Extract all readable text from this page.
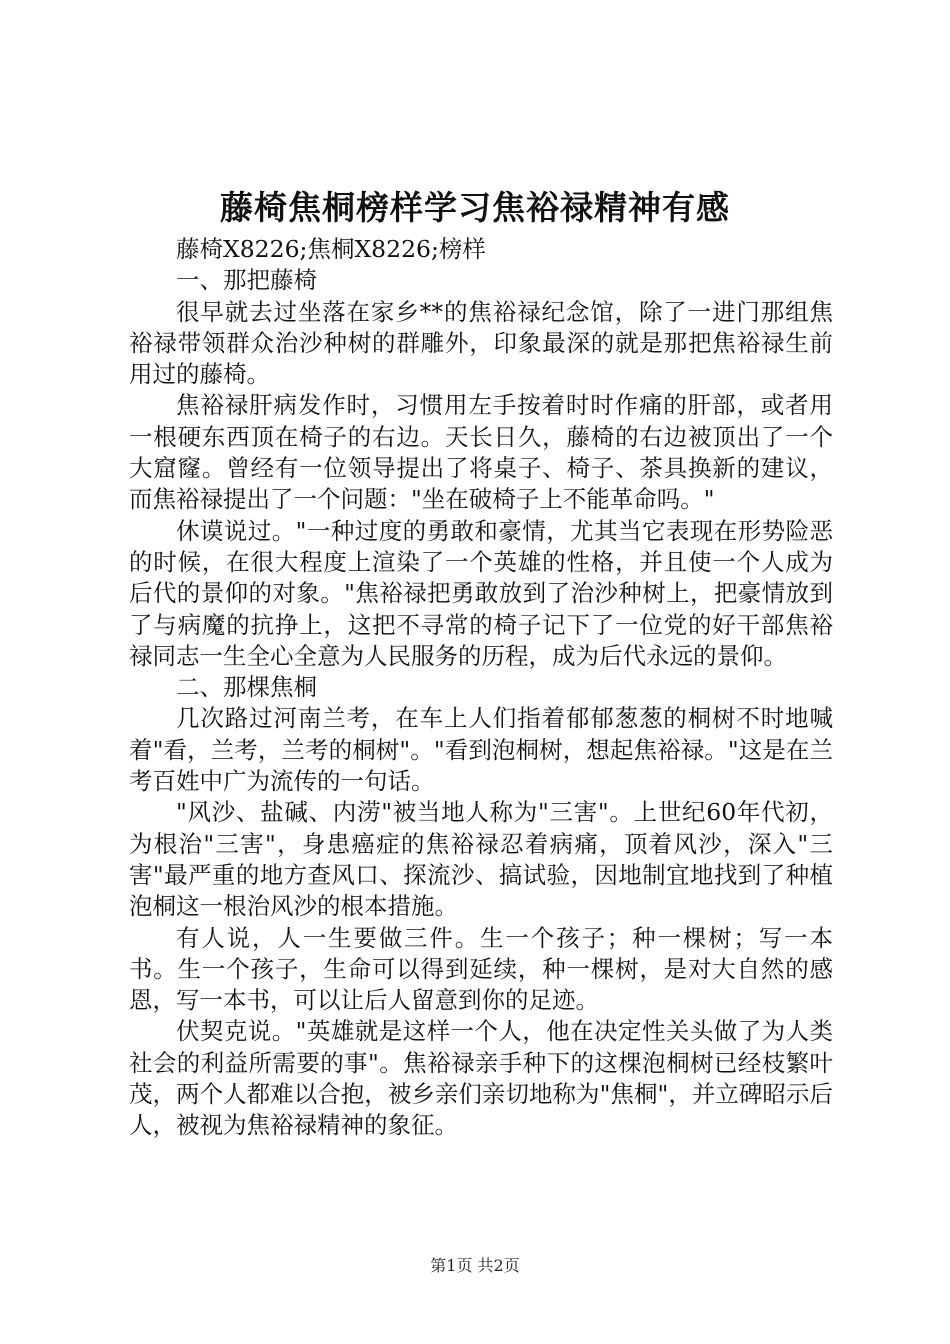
藤椅焦桐榜样学习焦裕禄精神有感

藤椅X8226;焦桐X8226;榜样

一、那把藤椅

很早就去过坐落在家乡**的焦裕禄纪念馆，除了一进门那组焦裕禄带领群众治沙种树的群雕外，印象最深的就是那把焦裕禄生前用过的藤椅。

焦裕禄肝病发作时，习惯用左手按着时时作痛的肝部，或者用一根硬东西顶在椅子的右边。天长日久，藤椅的右边被顶出了一个大窟窿。曾经有一位领导提出了将桌子、椅子、茶具换新的建议，而焦裕禄提出了一个问题："坐在破椅子上不能革命吗。"

休谟说过。"一种过度的勇敢和豪情，尤其当它表现在形势险恶的时候，在很大程度上渲染了一个英雄的性格，并且使一个人成为后代的景仰的对象。"焦裕禄把勇敢放到了治沙种树上，把豪情放到了与病魔的抗挣上，这把不寻常的椅子记下了一位党的好干部焦裕禄同志一生全心全意为人民服务的历程，成为后代永远的景仰。

二、那棵焦桐

几次路过河南兰考，在车上人们指着郁郁葱葱的桐树不时地喊着"看，兰考，兰考的桐树"。"看到泡桐树，想起焦裕禄。"这是在兰考百姓中广为流传的一句话。

"风沙、盐碱、内涝"被当地人称为"三害"。上世纪60年代初，为根治"三害"，身患癌症的焦裕禄忍着病痛，顶着风沙，深入"三害"最严重的地方查风口、探流沙、搞试验，因地制宜地找到了种植泡桐这一根治风沙的根本措施。

有人说，人一生要做三件。生一个孩子；种一棵树；写一本书。生一个孩子，生命可以得到延续，种一棵树，是对大自然的感恩，写一本书，可以让后人留意到你的足迹。

伏契克说。"英雄就是这样一个人，他在决定性关头做了为人类社会的利益所需要的事"。焦裕禄亲手种下的这棵泡桐树已经枝繁叶茂，两个人都难以合抱，被乡亲们亲切地称为"焦桐"，并立碑昭示后人，被视为焦裕禄精神的象征。

第1页 共2页
